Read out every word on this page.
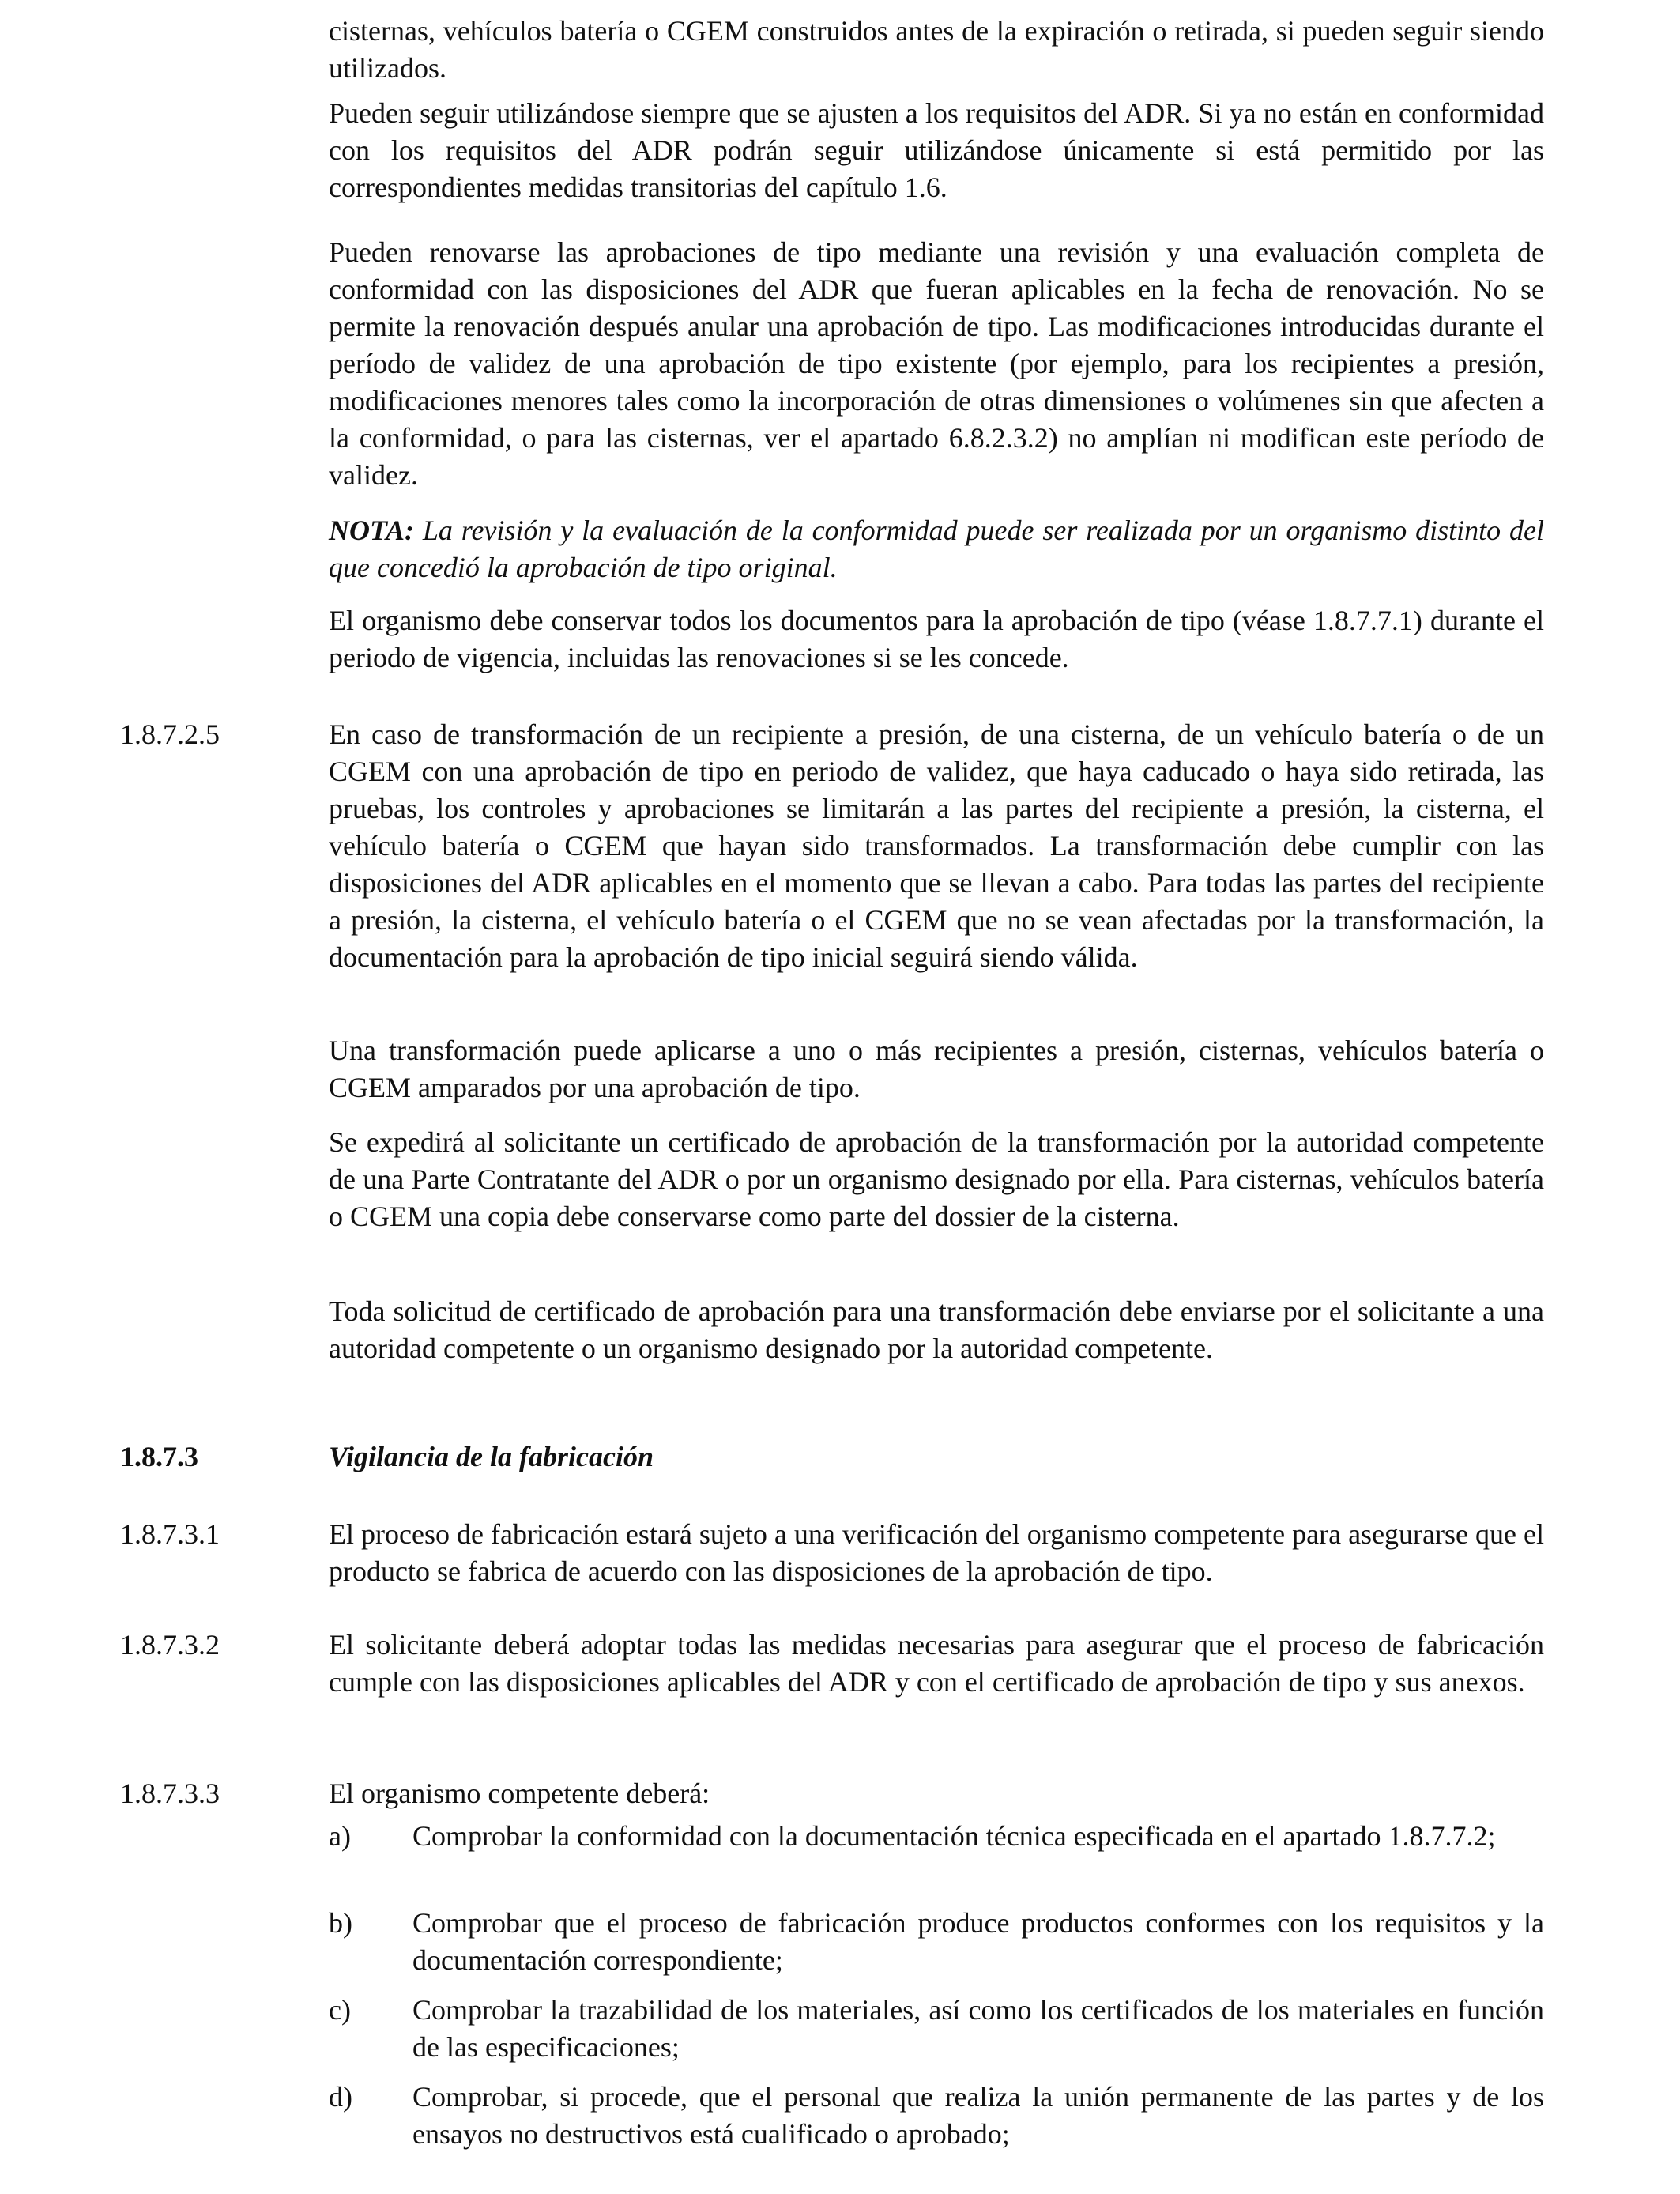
cisternas, vehículos batería o CGEM construidos antes de la expiración o retirada, si pueden seguir siendo utilizados.
Pueden seguir utilizándose siempre que se ajusten a los requisitos del ADR. Si ya no están en conformidad con los requisitos del ADR podrán seguir utilizándose únicamente si está permitido por las correspondientes medidas transitorias del capítulo 1.6.
Pueden renovarse las aprobaciones de tipo mediante una revisión y una evaluación completa de conformidad con las disposiciones del ADR que fueran aplicables en la fecha de renovación. No se permite la renovación después anular una aprobación de tipo. Las modificaciones introducidas durante el período de validez de una aprobación de tipo existente (por ejemplo, para los recipientes a presión, modificaciones menores tales como la incorporación de otras dimensiones o volúmenes sin que afecten a la conformidad, o para las cisternas, ver el apartado 6.8.2.3.2) no amplían ni modifican este período de validez.
NOTA: La revisión y la evaluación de la conformidad puede ser realizada por un organismo distinto del que concedió la aprobación de tipo original.
El organismo debe conservar todos los documentos para la aprobación de tipo (véase 1.8.7.7.1) durante el periodo de vigencia, incluidas las renovaciones si se les concede.
1.8.7.2.5	En caso de transformación de un recipiente a presión, de una cisterna, de un vehículo batería o de un CGEM con una aprobación de tipo en periodo de validez, que haya caducado o haya sido retirada, las pruebas, los controles y aprobaciones se limitarán a las partes del recipiente a presión, la cisterna, el vehículo batería o CGEM que hayan sido transformados. La transformación debe cumplir con las disposiciones del ADR aplicables en el momento que se llevan a cabo. Para todas las partes del recipiente a presión, la cisterna, el vehículo batería o el CGEM que no se vean afectadas por la transformación, la documentación para la aprobación de tipo inicial seguirá siendo válida.
Una transformación puede aplicarse a uno o más recipientes a presión, cisternas, vehículos batería o CGEM amparados por una aprobación de tipo.
Se expedirá al solicitante un certificado de aprobación de la transformación por la autoridad competente de una Parte Contratante del ADR o por un organismo designado por ella. Para cisternas, vehículos batería o CGEM una copia debe conservarse como parte del dossier de la cisterna.
Toda solicitud de certificado de aprobación para una transformación debe enviarse por el solicitante a una autoridad competente o un organismo designado por la autoridad competente.
1.8.7.3	Vigilancia de la fabricación
1.8.7.3.1	El proceso de fabricación estará sujeto a una verificación del organismo competente para asegurarse que el producto se fabrica de acuerdo con las disposiciones de la aprobación de tipo.
1.8.7.3.2	El solicitante deberá adoptar todas las medidas necesarias para asegurar que el proceso de fabricación cumple con las disposiciones aplicables del ADR y con el certificado de aprobación de tipo y sus anexos.
1.8.7.3.3	El organismo competente deberá:
a) Comprobar la conformidad con la documentación técnica especificada en el apartado 1.8.7.7.2;
b) Comprobar que el proceso de fabricación produce productos conformes con los requisitos y la documentación correspondiente;
c) Comprobar la trazabilidad de los materiales, así como los certificados de los materiales en función de las especificaciones;
d) Comprobar, si procede, que el personal que realiza la unión permanente de las partes y de los ensayos no destructivos está cualificado o aprobado;
